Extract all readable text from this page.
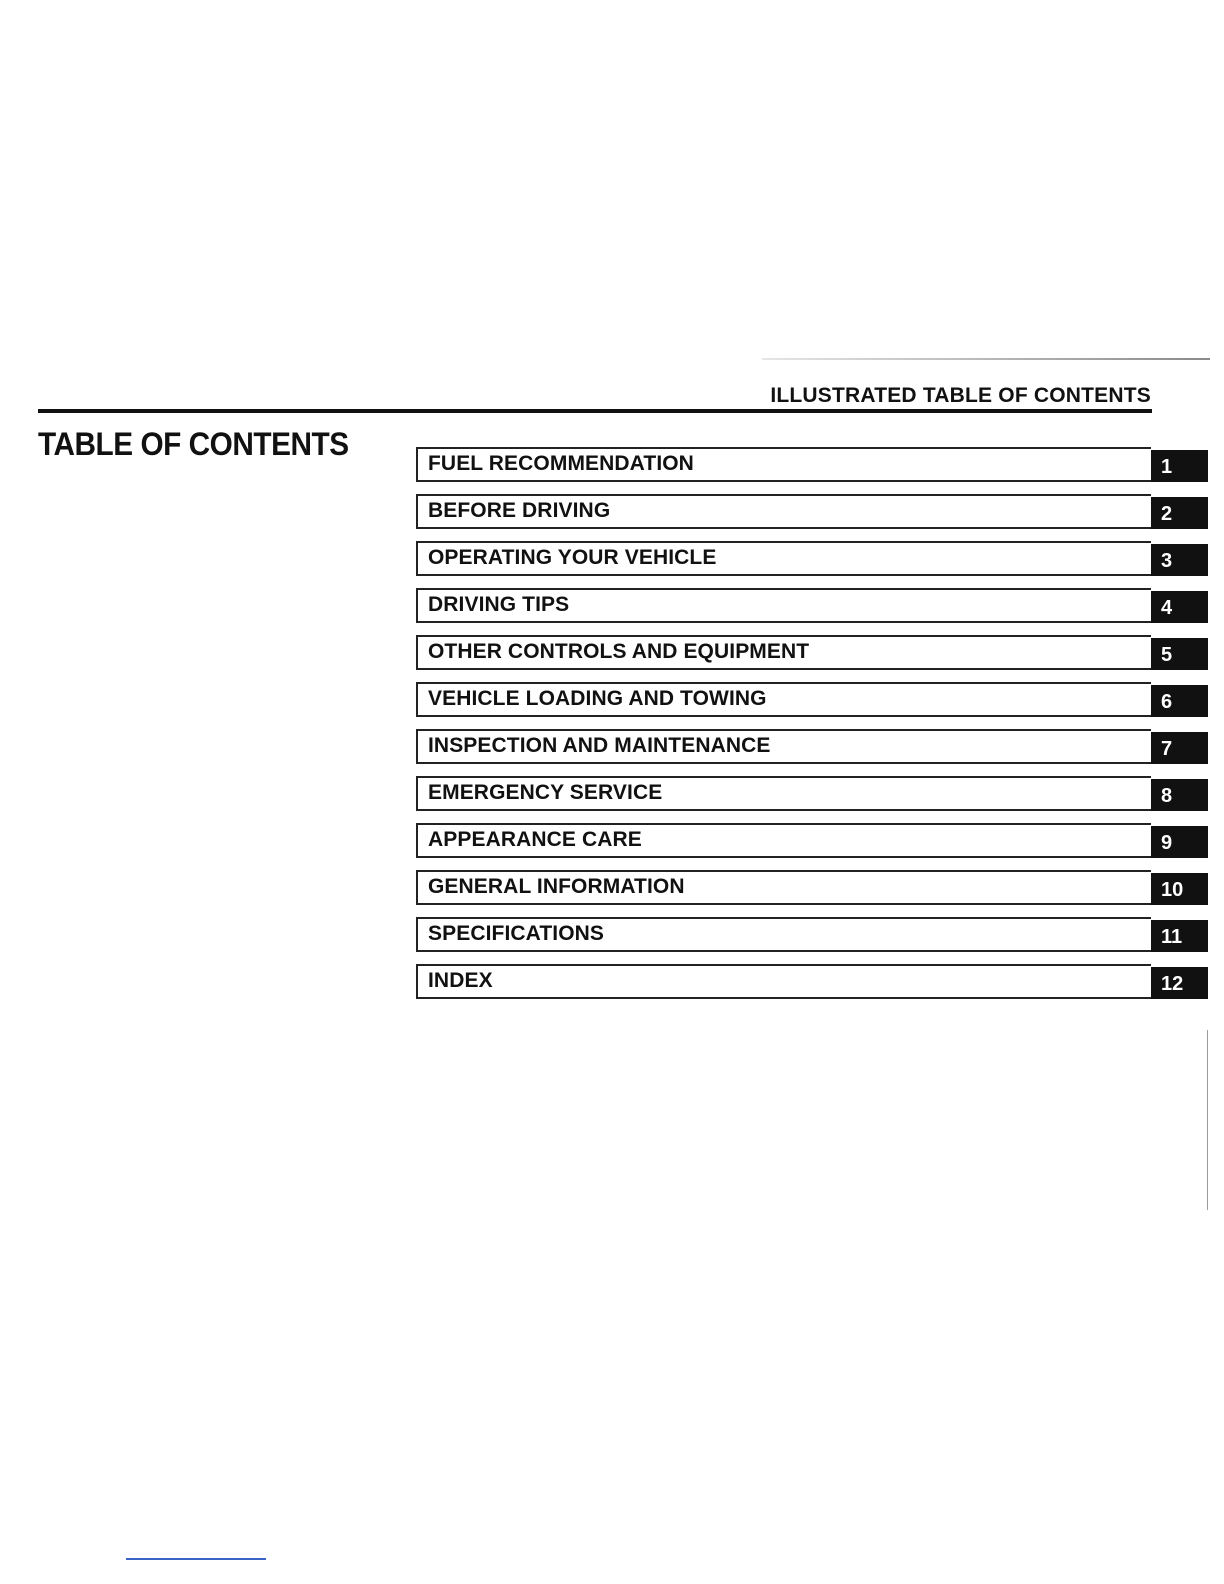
ILLUSTRATED TABLE OF CONTENTS
TABLE OF CONTENTS
FUEL RECOMMENDATION	1
BEFORE DRIVING	2
OPERATING YOUR VEHICLE	3
DRIVING TIPS	4
OTHER CONTROLS AND EQUIPMENT	5
VEHICLE LOADING AND TOWING	6
INSPECTION AND MAINTENANCE	7
EMERGENCY SERVICE	8
APPEARANCE CARE	9
GENERAL INFORMATION	10
SPECIFICATIONS	11
INDEX	12
